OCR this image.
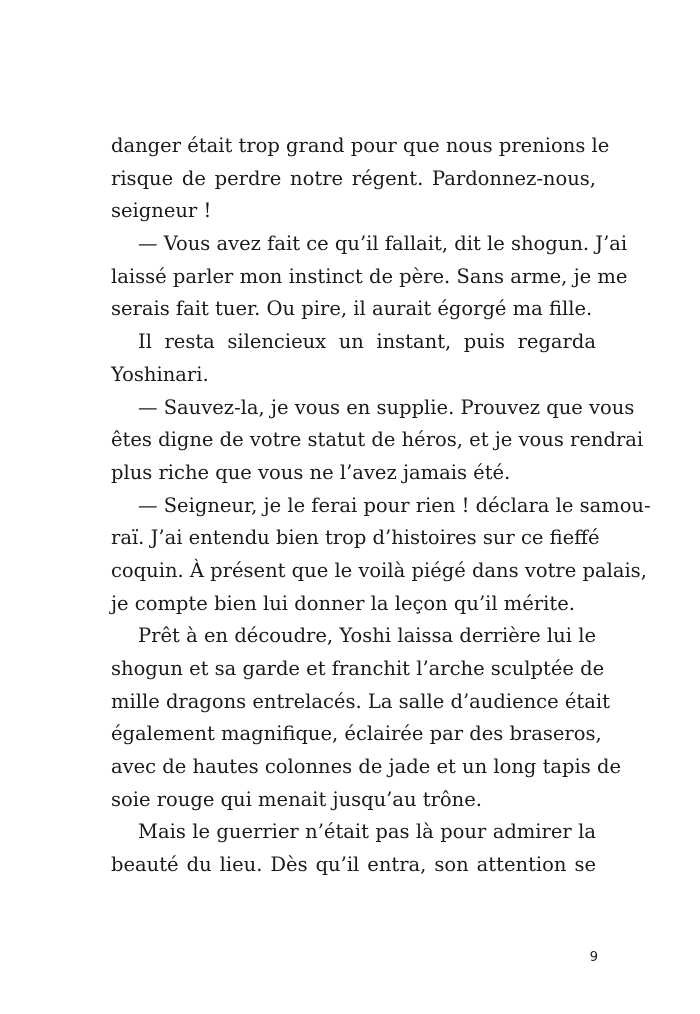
danger était trop grand pour que nous prenions le
risque de perdre notre régent. Pardonnez-nous,
seigneur !
— Vous avez fait ce qu’il fallait, dit le shogun. J’ai
laissé parler mon instinct de père. Sans arme, je me
serais fait tuer. Ou pire, il aurait égorgé ma fille.
Il resta silencieux un instant, puis regarda
Yoshinari.
— Sauvez-la, je vous en supplie. Prouvez que vous
êtes digne de votre statut de héros, et je vous rendrai
plus riche que vous ne l’avez jamais été.
— Seigneur, je le ferai pour rien ! déclara le samou-
raï. J’ai entendu bien trop d’histoires sur ce fieffé
coquin. À présent que le voilà piégé dans votre palais,
je compte bien lui donner la leçon qu’il mérite.
Prêt à en découdre, Yoshi laissa derrière lui le
shogun et sa garde et franchit l’arche sculptée de
mille dragons entrelacés. La salle d’audience était
également magnifique, éclairée par des braseros,
avec de hautes colonnes de jade et un long tapis de
soie rouge qui menait jusqu’au trône.
Mais le guerrier n’était pas là pour admirer la
beauté du lieu. Dès qu’il entra, son attention se
9
